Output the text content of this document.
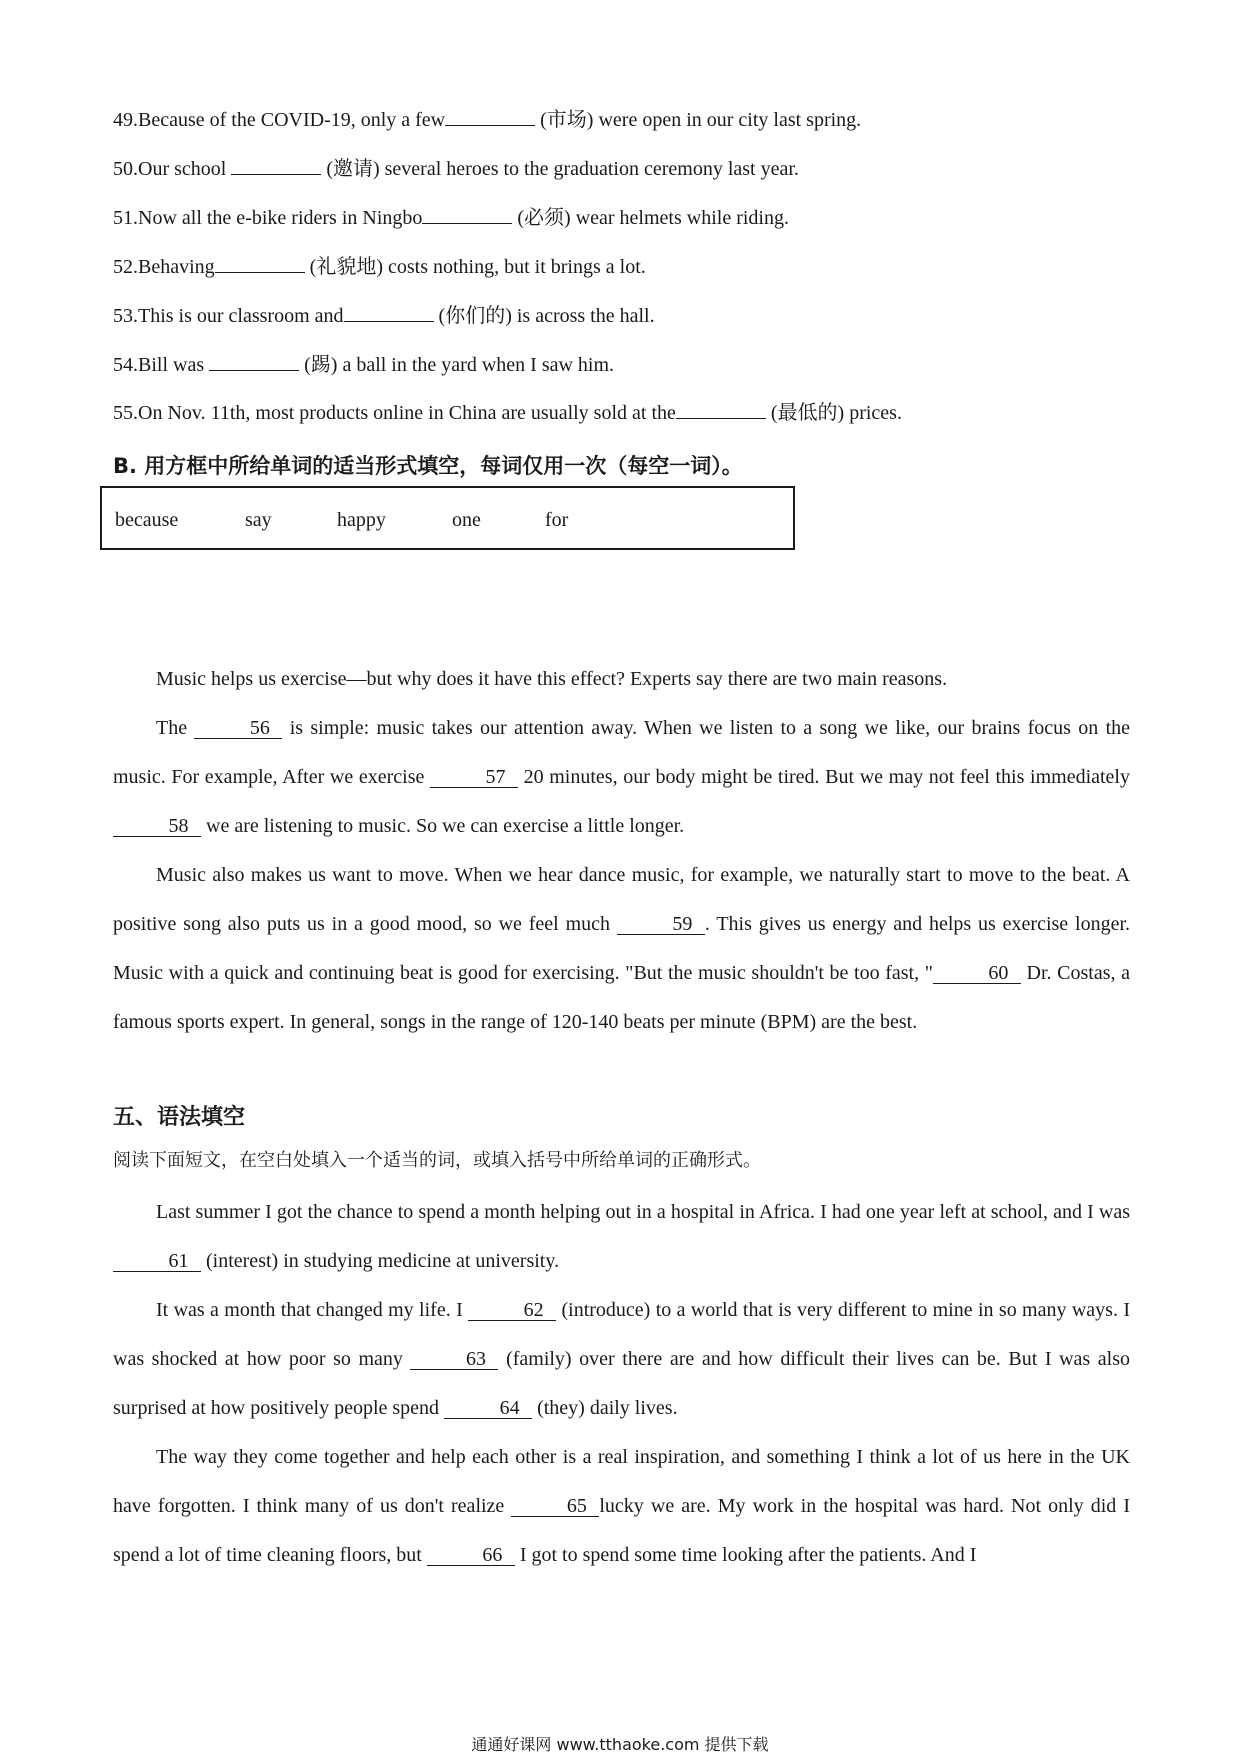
49.Because of the COVID-19, only a few	(市场) were open in our city last spring.
50.Our school	(邀请) several heroes to the graduation ceremony last year.
51.Now all the e-bike riders in Ningbo	(必须) wear helmets while riding.
52.Behaving	(礼貌地) costs nothing, but it brings a lot.
53.This is our classroom and	(你们的) is across the hall.
54.Bill was	(踢) a ball in the yard when I saw him.
55.On Nov. 11th, most products online in China are usually sold at the	(最低的) prices.
B. 用方框中所给单词的适当形式填空，每词仅用一次（每空一词）。
because	say	happy	one	for

Music helps us exercise—but why does it have this effect? Experts say there are two main reasons.

The	56 is simple: music takes our attention away. When we listen to a song we like, our brains focus on the music. For example, After we exercise	57 20 minutes, our body might be tired. But we may not feel this immediately 58 we are listening to music. So we can exercise a little longer.

Music also makes us want to move. When we hear dance music, for example, we naturally start to move to the beat. A positive song also puts us in a good mood, so we feel much	59 . This gives us energy and helps us exercise longer. Music with a quick and continuing beat is good for exercising. "But the music shouldn't be too fast, "	60 Dr. Costas, a famous sports expert. In general, songs in the range of 120-140 beats per minute (BPM) are the best.

五、语法填空
阅读下面短文，在空白处填入一个适当的词，或填入括号中所给单词的正确形式。

Last summer I got the chance to spend a month helping out in a hospital in Africa. I had one year left at school, and I was 61 (interest) in studying medicine at university.

It was a month that changed my life. I	62 (introduce) to a world that is very different to mine in so many ways. I was shocked at how poor so many	63 (family) over there are and how difficult their lives can be. But I was also surprised at how positively people spend	64 (they) daily lives.

The way they come together and help each other is a real inspiration, and something I think a lot of us here in the UK have forgotten. I think many of us don't realize	65 lucky we are. My work in the hospital was hard. Not only did I spend a lot of time cleaning floors, but	66 I got to spend some time looking after the patients. And I

通通好课网 www.tthaoke.com 提供下载
